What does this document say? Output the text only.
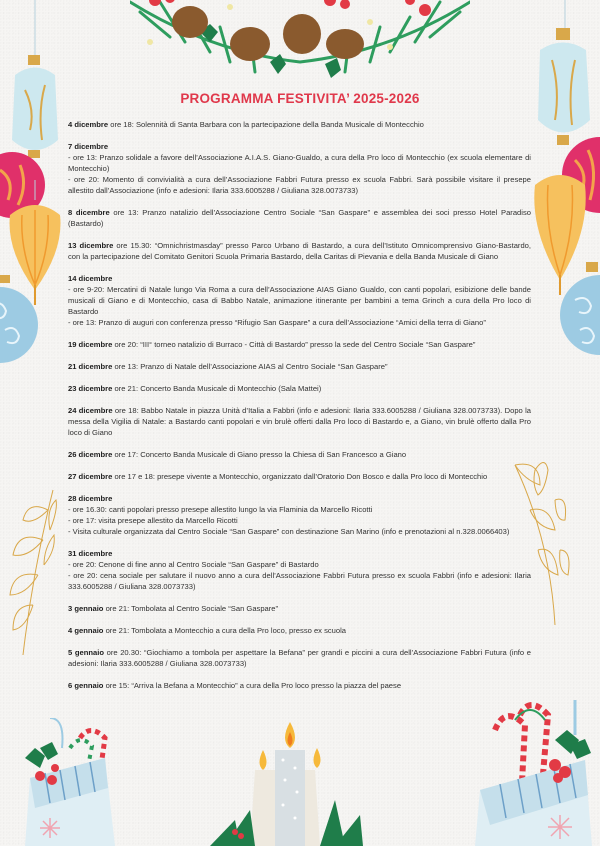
PROGRAMMA FESTIVITA’ 2025-2026
4 dicembre ore 18: Solennità di Santa Barbara con la partecipazione della Banda Musicale di Montecchio
7 dicembre
- ore 13: Pranzo solidale a favore dell’Associazione A.I.A.S. Giano-Gualdo, a cura della Pro loco di Montecchio (ex scuola elementare di Montecchio)
- ore 20: Momento di convivialità a cura dell’Associazione Fabbri Futura presso ex scuola Fabbri. Sarà possibile visitare il presepe allestito dall’Associazione (info e adesioni: Ilaria 333.6005288 / Giuliana 328.0073733)
8 dicembre ore 13: Pranzo natalizio dell’Associazione Centro Sociale “San Gaspare” e assemblea dei soci presso Hotel Paradiso (Bastardo)
13 dicembre ore 15.30: “Omnichristmasday” presso Parco Urbano di Bastardo, a cura dell’Istituto Omnicomprensivo Giano-Bastardo, con la partecipazione del Comitato Genitori Scuola Primaria Bastardo, della Caritas di Pievania e della Banda Musicale di Giano
14 dicembre
- ore 9-20: Mercatini di Natale lungo Via Roma a cura dell’Associazione AIAS Giano Gualdo, con canti popolari, esibizione delle bande musicali di Giano e di Montecchio, casa di Babbo Natale, animazione itinerante per bambini a tema Grinch a cura della Pro loco di Bastardo
- ore 13: Pranzo di auguri con conferenza presso “Rifugio San Gaspare” a cura dell’Associazione “Amici della terra di Giano”
19 dicembre ore 20: “III° torneo natalizio di Burraco - Città di Bastardo” presso la sede del Centro Sociale “San Gaspare”
21 dicembre ore 13: Pranzo di Natale dell’Associazione AIAS al Centro Sociale “San Gaspare”
23 dicembre ore 21: Concerto Banda Musicale di Montecchio (Sala Mattei)
24 dicembre ore 18: Babbo Natale in piazza Unità d’Italia a Fabbri (info e adesioni: Ilaria 333.6005288 / Giuliana 328.0073733). Dopo la messa della Vigilia di Natale: a Bastardo canti popolari e vin brulè offerti dalla Pro loco di Bastardo e, a Giano, vin brulè offerto dalla Pro loco di Giano
26 dicembre ore 17: Concerto Banda Musicale di Giano presso la Chiesa di San Francesco a Giano
27 dicembre ore 17 e 18: presepe vivente a Montecchio, organizzato dall’Oratorio Don Bosco e dalla Pro loco di Montecchio
28 dicembre
- ore 16.30: canti popolari presso presepe allestito lungo la via Flaminia da Marcello Ricotti
- ore 17: visita presepe allestito da Marcello Ricotti
- Visita culturale organizzata dal Centro Sociale “San Gaspare” con destinazione San Marino (info e prenotazioni al n.328.0066403)
31 dicembre
- ore 20: Cenone di fine anno al Centro Sociale “San Gaspare” di Bastardo
- ore 20: cena sociale per salutare il nuovo anno a cura dell’Associazione Fabbri Futura presso ex scuola Fabbri (info e adesioni: Ilaria 333.6005288 / Giuliana 328.0073733)
3 gennaio ore 21: Tombolata al Centro Sociale “San Gaspare”
4 gennaio ore 21: Tombolata a Montecchio a cura della Pro loco, presso ex scuola
5 gennaio ore 20.30: “Giochiamo a tombola per aspettare la Befana” per grandi e piccini a cura dell’Associazione Fabbri Futura (info e adesioni: Ilaria 333.6005288 / Giuliana 328.0073733)
6 gennaio ore 15: “Arriva la Befana a Montecchio” a cura della Pro loco presso la piazza del paese
